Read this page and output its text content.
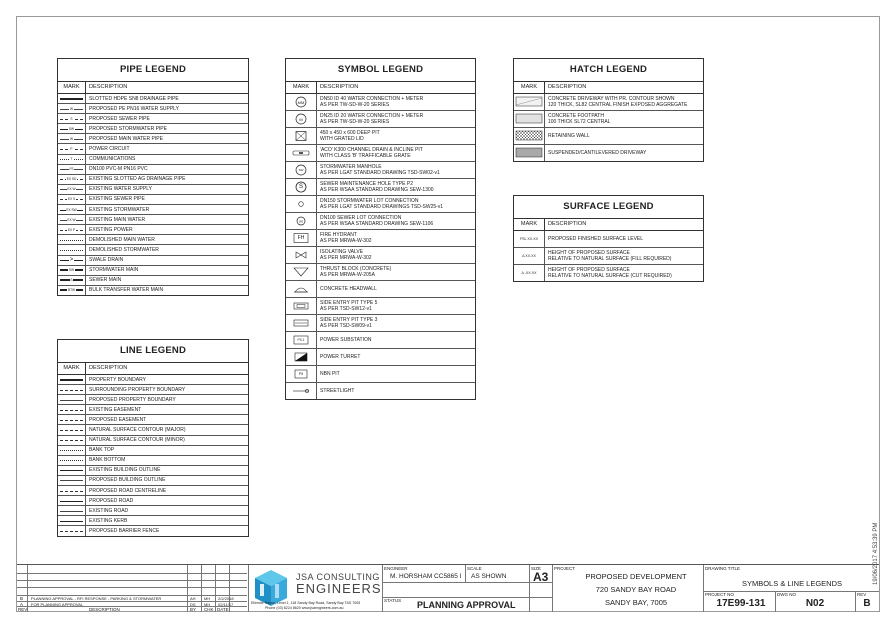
PIPE LEGEND
MARK	DESCRIPTION
SLOTTED HDPE SN8 DRAINAGE PIPE
W	PROPOSED PE PN16 WATER SUPPLY
S	PROPOSED SEWER PIPE
SW	PROPOSED STORMWATER PIPE
W	PROPOSED MAIN WATER PIPE
P	POWER CIRCUIT
T	COMMUNICATIONS
FS	DN100 PVC-M PN16 PVC
EX SD	EXISTING SLOTTED AG DRAINAGE PIPE
EX W	EXISTING WATER SUPPLY
EX S	EXISTING SEWER PIPE
EX SW	EXISTING STORMWATER
EX W	EXISTING MAIN WATER
EX P	EXISTING POWER
DEMOLISHED MAIN WATER
DEMOLISHED STORMWATER
>	SWALE DRAIN
SW	STORMWATER MAIN
S	SEWER MAIN
BTW	BULK TRANSFER WATER MAIN
LINE LEGEND
MARK	DESCRIPTION
PROPERTY BOUNDARY
SURROUNDING PROPERTY BOUNDARY
PROPOSED PROPERTY BOUNDARY
EXISTING EASEMENT
PROPOSED EASEMENT
NATURAL SURFACE CONTOUR (MAJOR)
NATURAL SURFACE CONTOUR (MINOR)
BANK TOP
BANK BOTTOM
EXISTING BUILDING OUTLINE
PROPOSED BUILDING OUTLINE
PROPOSED ROAD CENTRELINE
PROPOSED ROAD
EXISTING ROAD
EXISTING KERB
PROPOSED BARRIER FENCE
SYMBOL LEGEND
MARK	DESCRIPTION
MM	DN50 ID 40 WATER CONNECTION + METER
AS PER TW-SD-W-20 SERIES
M	DN25 ID 20 WATER CONNECTION + METER
AS PER TW-SD-W-20 SERIES
450 x 450 x 600 DEEP PIT
WITH GRATED LID
'ACO' K300 CHANNEL DRAIN & INCLINE PIT
WITH CLASS 'B' TRAFFICABLE GRATE
SW	STORMWATER MANHOLE
AS PER LGAT STANDARD DRAWING TSD-SW02-v1
S	SEWER MAINTENANCE HOLE TYPE P2
AS PER WSAA STANDARD DRAWING SEW-1300
DN150 STORMWATER LOT CONNECTION
AS PER LGAT STANDARD DRAWINGS TSD-SW25-v1
H	DN100 SEWER LOT CONNECTION
AS PER WSAA STANDARD DRAWING SEW-1106
FH	FIRE HYDRANT
AS PER MRWA-W-302
ISOLATING VALVE
AS PER MRWA-W-302
THRUST BLOCK (CONCRETE)
AS PER MRWA-W-205A
CONCRETE HEADWALL
SIDE ENTRY PIT TYPE 5
AS PER TSD-SW12-v1
SIDE ENTRY PIT TYPE 3
AS PER TSD-SW09-v1
PS-1	POWER SUBSTATION
POWER TURRET
P5	NBN PIT
STREETLIGHT
HATCH LEGEND
MARK	DESCRIPTION
CONCRETE DRIVEWAY WITH PR. CONTOUR SHOWN
120 THICK, SL82 CENTRAL FINISH EXPOSED AGGREGATE
CONCRETE FOOTPATH
100 THICK SL72 CENTRAL
RETAINING WALL
SUSPENDED/CANTILEVERED DRIVEWAY
SURFACE LEGEND
MARK	DESCRIPTION
FSL XX.XX PROPOSED FINISHED SURFACE LEVEL
Δ XX.XX HEIGHT OF PROPOSED SURFACE
RELATIVE TO NATURAL SURFACE (FILL REQUIRED)
Δ -XX.XX HEIGHT OF PROPOSED SURFACE
RELATIVE TO NATURAL SURFACE (CUT REQUIRED)
B PLANNING APPROVAL - RFI RESPONSE - PARKING & STORMWATER	AH MH 2/2/2018
A FOR PLANNING APPROVAL	DS MH 02/11/17
REV	DESCRIPTION	BY CHK DATE
JSA CONSULTING
ENGINEERS
Ellerslie House, Level 1, 118 Sandy Bay Road, Sandy Bay TAS 7005
Phone (03) 6224 8620 www.jsaengineers.com.au
ENGINEER
M. HORSHAM CC5865 I
SCALE
AS SHOWN
SIZE
A3
STATUS PLANNING APPROVAL
PROJECT
PROPOSED DEVELOPMENT
720 SANDY BAY ROAD
SANDY BAY, 7005
DRAWING TITLE
SYMBOLS & LINE LEGENDS
PROJECT NO
17E99-131
DWG NO
N02
REV
B
19/06/2017 4:53:39 PM
